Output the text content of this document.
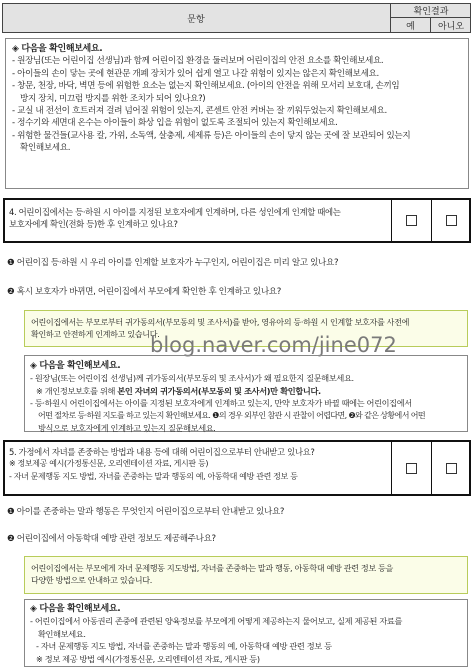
문항
확인결과
예	아니오
◈ 다음을 확인해보세요.
- 원장님(또는 어린이집 선생님)과 함께 어린이집 환경을 둘러보며 어린이집의 안전 요소를 확인해보세요.
- 아이들의 손이 닿는 곳에 현관문 개폐 장치가 있어 쉽게 열고 나갈 위험이 있지는 않은지 확인해보세요.
- 창문, 천장, 바닥, 벽면 등에 위험한 요소는 없는지 확인해보세요. (아이의 안전을 위해 모서리 보호대, 손끼임
방지 장치, 미끄럼 방지를 위한 조치가 되어 있나요?)
- 교실 내 전선이 흐트러져 걸려 넘어질 위험이 있는지, 콘센트 안전 커버는 잘 끼워두었는지 확인해보세요.
- 정수기와 세면대 온수는 아이들이 화상 입을 위험이 없도록 조절되어 있는지 확인해보세요.
- 위험한 물건들(교사용 칼, 가위, 소독액, 살충제, 세제류 등)은 아이들의 손이 닿지 않는 곳에 잘 보관되어 있는지
확인해보세요.
4. 어린이집에서는 등·하원 시 아이를 지정된 보호자에게 인계하며, 다른 성인에게 인계할 때에는
보호자에게 확인(전화 등)한 후 인계하고 있나요?
❶ 어린이집 등·하원 시 우리 아이를 인계할 보호자가 누구인지, 어린이집은 미리 알고 있나요?
❷ 혹시 보호자가 바뀌면, 어린이집에서 부모에게 확인한 후 인계하고 있나요?
어린이집에서는 부모로부터 귀가동의서(부모동의 및 조사서)를 받아, 영유아의 등·하원 시 인계할 보호자를 사전에
확인하고 안전하게 인계하고 있습니다.
blog.naver.com/jine072
◈ 다음을 확인해보세요.
- 원장님(또는 어린이집 선생님)께 귀가동의서(부모동의 및 조사서)가 왜 필요한지 질문해보세요.
※ 개인정보보호를 위해 본인 자녀의 귀가동의서(부모동의 및 조사서)만 확인합니다.
- 등·하원시 어린이집에서는 아이를 지정된 보호자에게 인계하고 있는지, 만약 보호자가 바뀔 때에는 어린이집에서
어떤 절차로 등·하원 지도를 하고 있는지 확인해보세요. ❶의 경우 외부인 참관 시 관찰이 어렵다면, ❷와 같은 상황에서 어떤
방식으로 보호자에게 인계하고 있는지 질문해보세요.
5. 가정에서 자녀를 존중하는 방법과 내용 등에 대해 어린이집으로부터 안내받고 있나요?
※ 정보제공 예시(가정통신문, 오리엔테이션 자료, 게시판 등)
- 자녀 문제행동 지도 방법, 자녀를 존중하는 말과 행동의 예, 아동학대 예방 관련 정보 등
❶ 아이를 존중하는 말과 행동은 무엇인지 어린이집으로부터 안내받고 있나요?
❷ 어린이집에서 아동학대 예방 관련 정보도 제공해주나요?
어린이집에서는 부모에게 자녀 문제행동 지도방법, 자녀를 존중하는 말과 행동, 아동학대 예방 관련 정보 등을
다양한 방법으로 안내하고 있습니다.
◈ 다음을 확인해보세요.
- 어린이집에서 아동권리 존중에 관련된 양육정보를 부모에게 어떻게 제공하는지 물어보고, 실제 제공된 자료를
확인해보세요.
- 자녀 문제행동 지도 방법, 자녀를 존중하는 말과 행동의 예, 아동학대 예방 관련 정보 등
※ 정보 제공 방법 예시(가정통신문, 오리엔테이션 자료, 게시판 등)
